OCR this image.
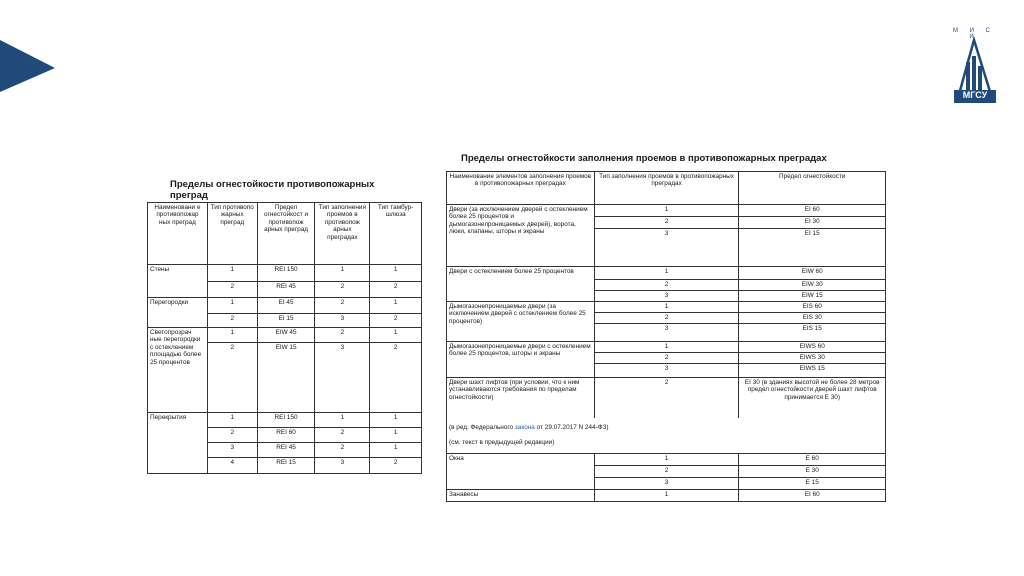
М И С И
МГСУ
Пределы огнестойкости противопожарных преград
Наименовани е противопожар ных преград	Тип противопо жарных преград	Предел огнестойкост и противопож арных преград	Тип заполнения проемов в противопож арных преградах	Тип тамбур-шлюза
Стены	1	REI 150	1	1
	2	REI 45	2	2
Перегородки	1	EI 45	2	1
	2	EI 15	3	2
Светопрозрач ные перегородки с остеклением площадью более 25 процентов	1	EIW 45	2	1
	2	EIW 15	3	2
Перекрытия	1	REI 150	1	1
	2	REI 60	2	1
	3	REI 45	2	1
	4	REI 15	3	2
Пределы огнестойкости заполнения проемов в противопожарных преградах
Наименование элементов заполнения проемов в противопожарных преградах	Тип заполнения проемов в противопожарных преградах	Предел огнестойкости
Двери (за исключением дверей с остеклением более 25 процентов и дымогазонепроницаемых дверей), ворота, люки, клапаны, шторы и экраны	1	EI 60
	2	EI 30
	3	EI 15
Двери с остеклением более 25 процентов	1	EIW 60
	2	EIW 30
	3	EIW 15
Дымогазонепроницаемые двери (за исключением дверей с остеклением более 25 процентов)	1	EIS 60
	2	EIS 30
	3	EIS 15
Дымогазонепроницаемые двери с остеклением более 25 процентов, шторы и экраны	1	EIWS 60
	2	EIWS 30
	3	EIWS 15
Двери шахт лифтов (при условии, что к ним устанавливаются требования по пределам огнестойкости)	2	EI 30 (в зданиях высотой не более 28 метров предел огнестойкости дверей шахт лифтов принимается Е 30)
(в ред. Федерального закона от 29.07.2017 N 244-ФЗ)

(см. текст в предыдущей редакции)		
Окна	1	Е 60
	2	Е 30
	3	Е 15
Занавесы	1	EI 60
